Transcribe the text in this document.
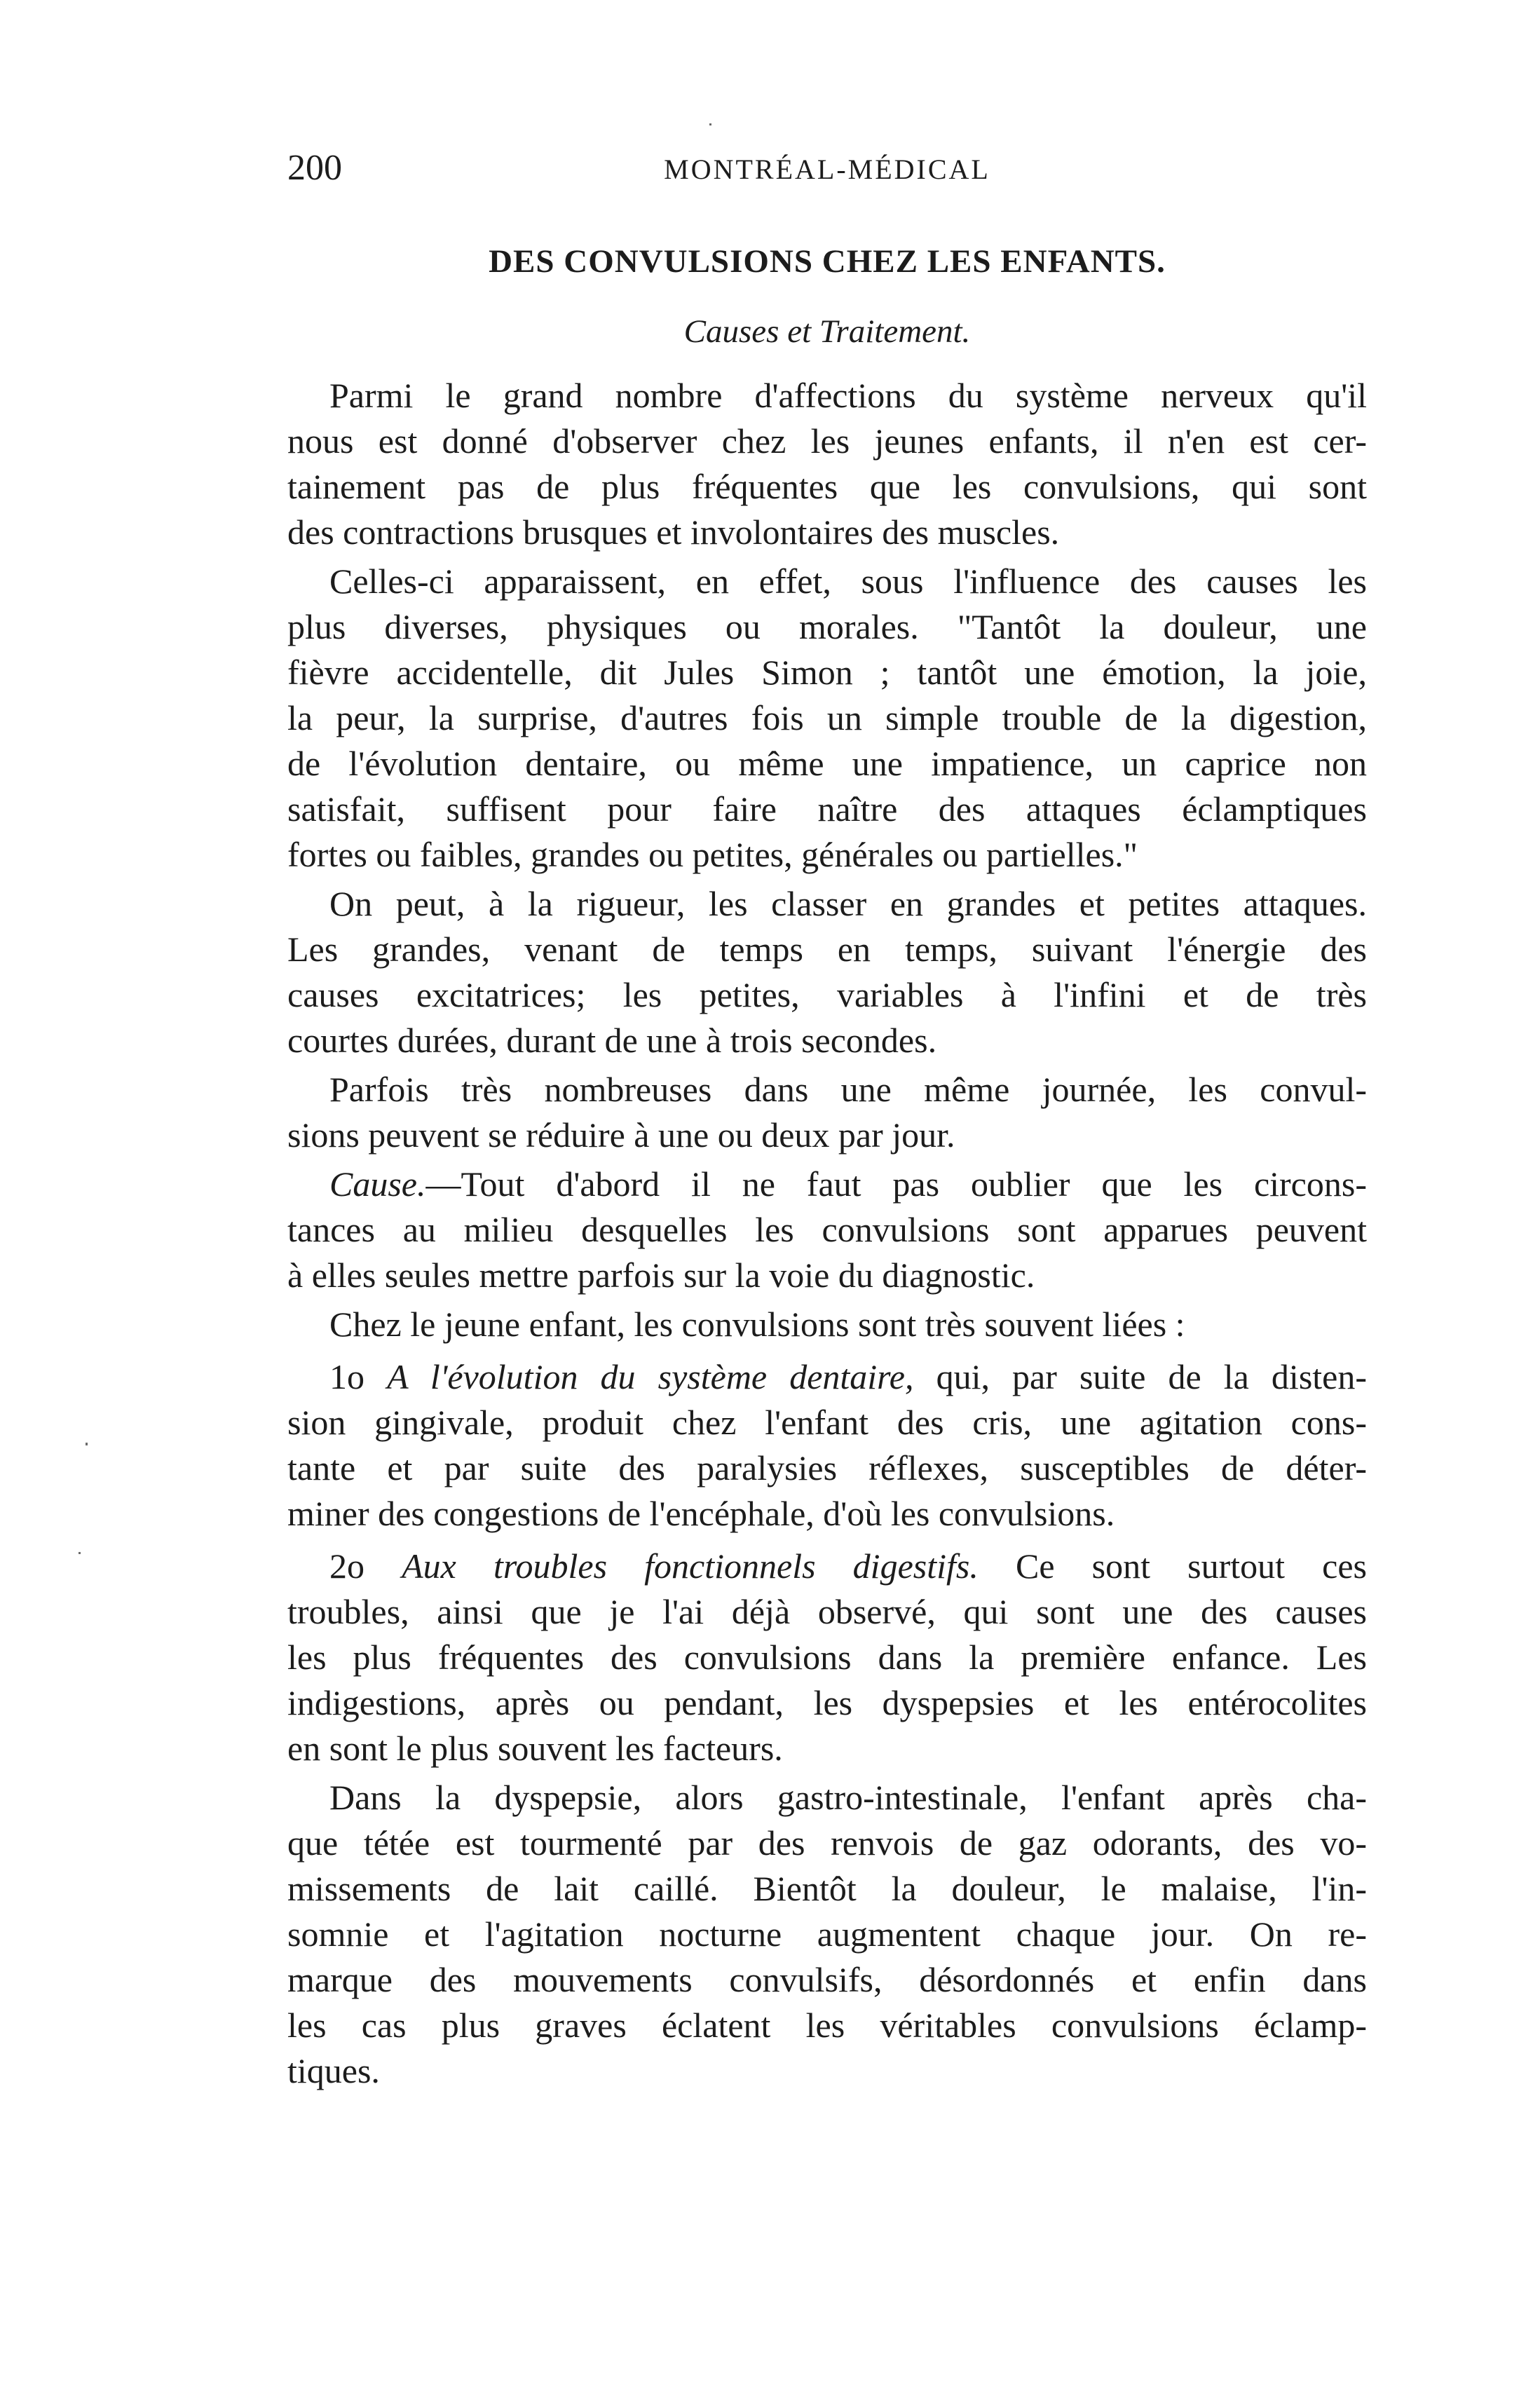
200	MONTRÉAL-MÉDICAL
DES CONVULSIONS CHEZ LES ENFANTS.
Causes et Traitement.
Parmi le grand nombre d'affections du système nerveux qu'il
nous est donné d'observer chez les jeunes enfants, il n'en est cer-
tainement pas de plus fréquentes que les convulsions, qui sont
des contractions brusques et involontaires des muscles.
Celles-ci apparaissent, en effet, sous l'influence des causes les
plus diverses, physiques ou morales. "Tantôt la douleur, une
fièvre accidentelle, dit Jules Simon ; tantôt une émotion, la joie,
la peur, la surprise, d'autres fois un simple trouble de la digestion,
de l'évolution dentaire, ou même une impatience, un caprice non
satisfait, suffisent pour faire naître des attaques éclamptiques
fortes ou faibles, grandes ou petites, générales ou partielles."
On peut, à la rigueur, les classer en grandes et petites attaques.
Les grandes, venant de temps en temps, suivant l'énergie des
causes excitatrices; les petites, variables à l'infini et de très
courtes durées, durant de une à trois secondes.
Parfois très nombreuses dans une même journée, les convul-
sions peuvent se réduire à une ou deux par jour.
Cause.—Tout d'abord il ne faut pas oublier que les circons-
tances au milieu desquelles les convulsions sont apparues peuvent
à elles seules mettre parfois sur la voie du diagnostic.
Chez le jeune enfant, les convulsions sont très souvent liées :
1o A l'évolution du système dentaire, qui, par suite de la disten-
sion gingivale, produit chez l'enfant des cris, une agitation cons-
tante et par suite des paralysies réflexes, susceptibles de déter-
miner des congestions de l'encéphale, d'où les convulsions.
2o Aux troubles fonctionnels digestifs. Ce sont surtout ces
troubles, ainsi que je l'ai déjà observé, qui sont une des causes
les plus fréquentes des convulsions dans la première enfance. Les
indigestions, après ou pendant, les dyspepsies et les entérocolites
en sont le plus souvent les facteurs.
Dans la dyspepsie, alors gastro-intestinale, l'enfant après cha-
que tétée est tourmenté par des renvois de gaz odorants, des vo-
missements de lait caillé. Bientôt la douleur, le malaise, l'in-
somnie et l'agitation nocturne augmentent chaque jour. On re-
marque des mouvements convulsifs, désordonnés et enfin dans
les cas plus graves éclatent les véritables convulsions éclamp-
tiques.
